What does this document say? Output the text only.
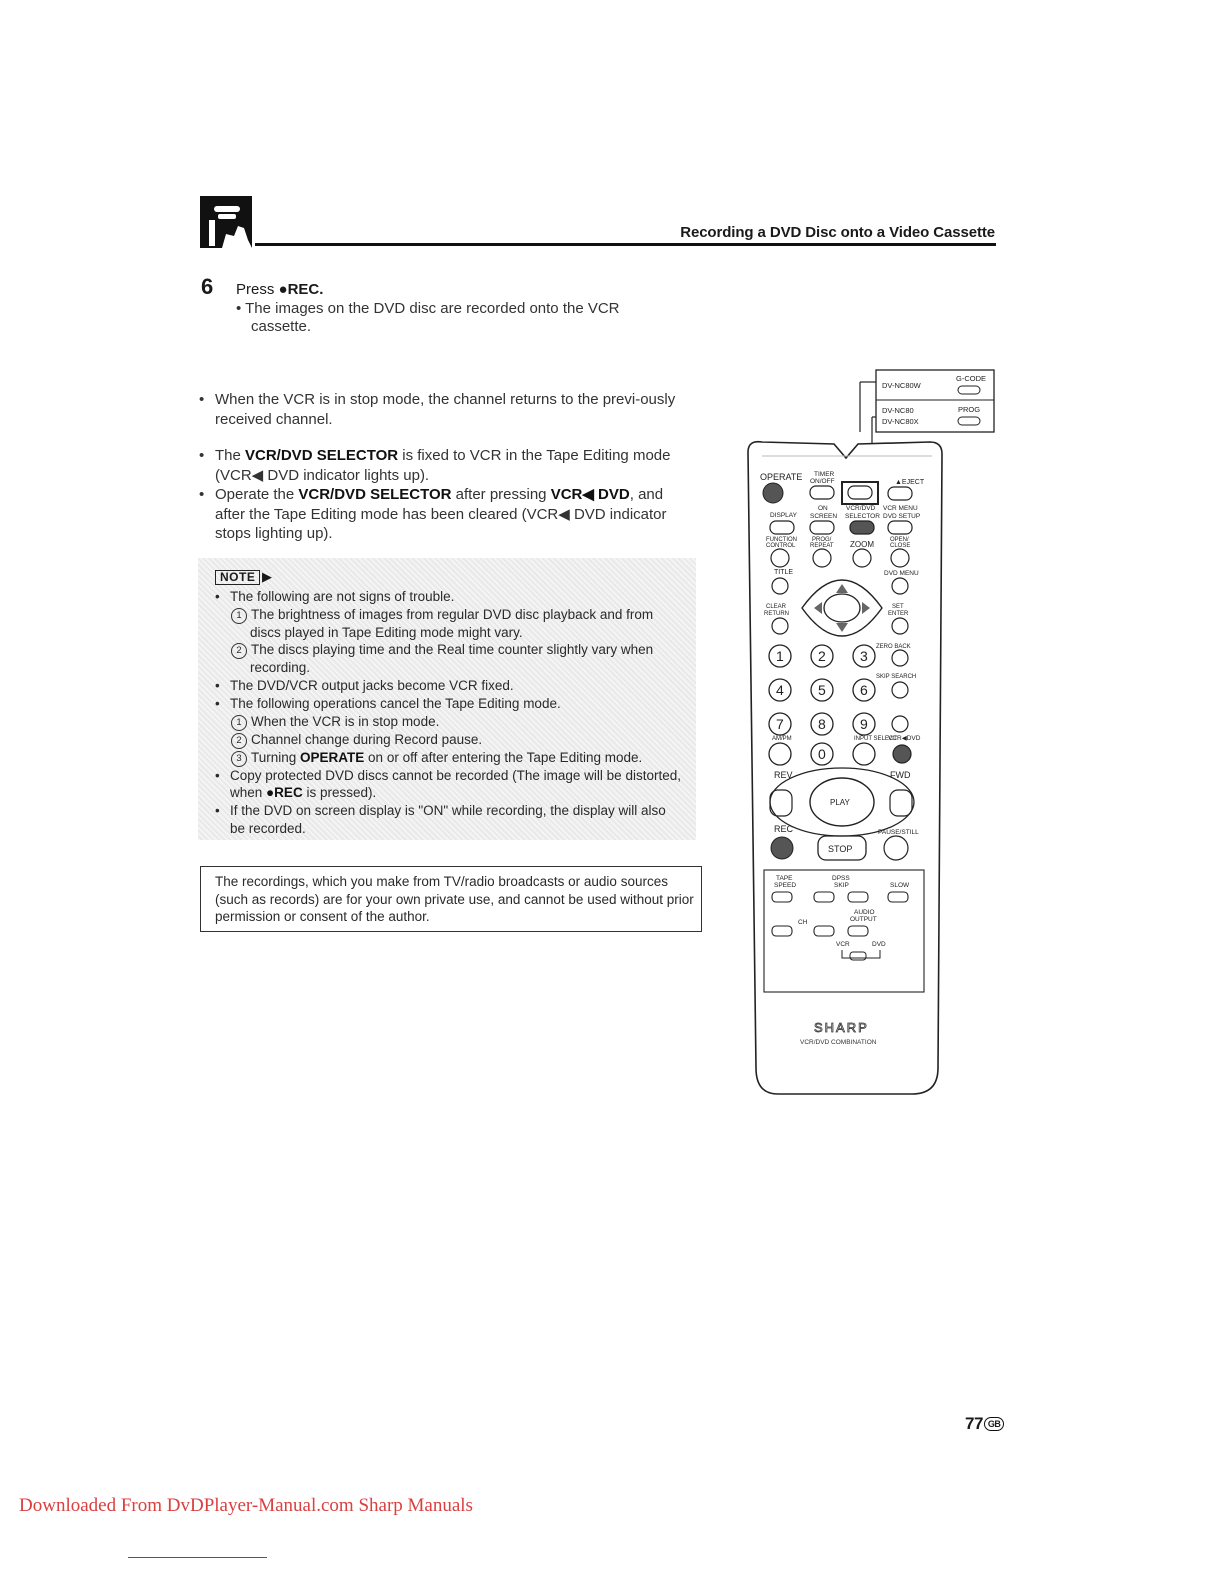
Recording a DVD Disc onto a Video Cassette
6 Press ●REC.
• The images on the DVD disc are recorded onto the VCR cassette.
• When the VCR is in stop mode, the channel returns to the previ-ously received channel.
• The VCR/DVD SELECTOR is fixed to VCR in the Tape Editing mode (VCR◀ DVD indicator lights up).
• Operate the VCR/DVD SELECTOR after pressing VCR◀ DVD, and after the Tape Editing mode has been cleared (VCR◀ DVD indicator stops lighting up).
NOTE ▶
• The following are not signs of trouble.
1 The brightness of images from regular DVD disc playback and from discs played in Tape Editing mode might vary.
2 The discs playing time and the Real time counter slightly vary when recording.
• The DVD/VCR output jacks become VCR fixed.
• The following operations cancel the Tape Editing mode.
1 When the VCR is in stop mode.
2 Channel change during Record pause.
3 Turning OPERATE on or off after entering the Tape Editing mode.
• Copy protected DVD discs cannot be recorded (The image will be distorted, when ●REC is pressed).
• If the DVD on screen display is "ON" while recording, the display will also be recorded.
The recordings, which you make from TV/radio broadcasts or audio sources (such as records) are for your own private use, and cannot be used without prior permission or consent of the author.
DV-NC80W
G-CODE
DV-NC80
DV-NC80X
PROG
OPERATE TIMER
ON/OFF	▲EJECT
DISPLAY
ON
SCREEN
VCR/DVD
SELECTOR
VCR MENU
DVD SETUP
FUNCTION
CONTROL
PROG/
REPEAT ZOOM	OPEN/
CLOSE
TITLE	DVD MENU
CLEAR
RETURN
SET
ENTER
ZERO BACK
SKIP SEARCH
1 2 3
4 5 6
7 8 9
AM/PM	INPUT SELECT
VCR◀DVD
0
REV	FWD
PLAY
REC
STOP
PAUSE/STILL
TAPE
SPEED
DPSS
SKIP	SLOW
CH
AUDIO
OUTPUT
VCR	DVD
SHARP
VCR/DVD COMBINATION
77 GB
Downloaded From DvDPlayer-Manual.com Sharp Manuals
